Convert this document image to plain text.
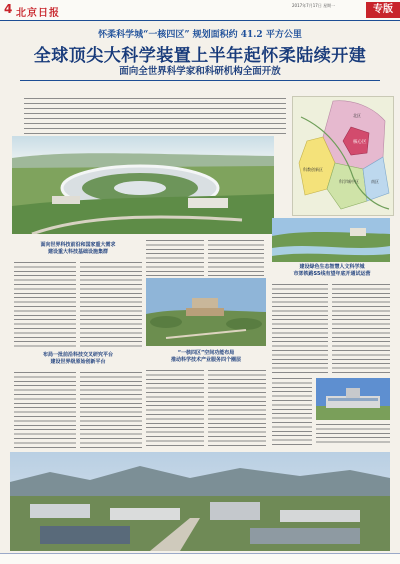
4 北京日报
2017年7月17日 星期一	专版
怀柔科学城“一核四区” 规划面积约 41.2 平方公里
全球顶尖大科学装置上半年起怀柔陆续开建
面向全世界科学家和科研机构全面开放
核心区
北区
科教创新区
科学城中区	南区
面向世界科技前沿和国家重大需求
建设重大科技基础设施集群
布局一批前沿科技交叉研究平台
建设世界级原始创新平台
“一核四区”空间功能布局
推动科学技术产业服务四个圈层
建设绿色生态智慧人文科学城
市郊铁路S5线有望年底开通试运营
